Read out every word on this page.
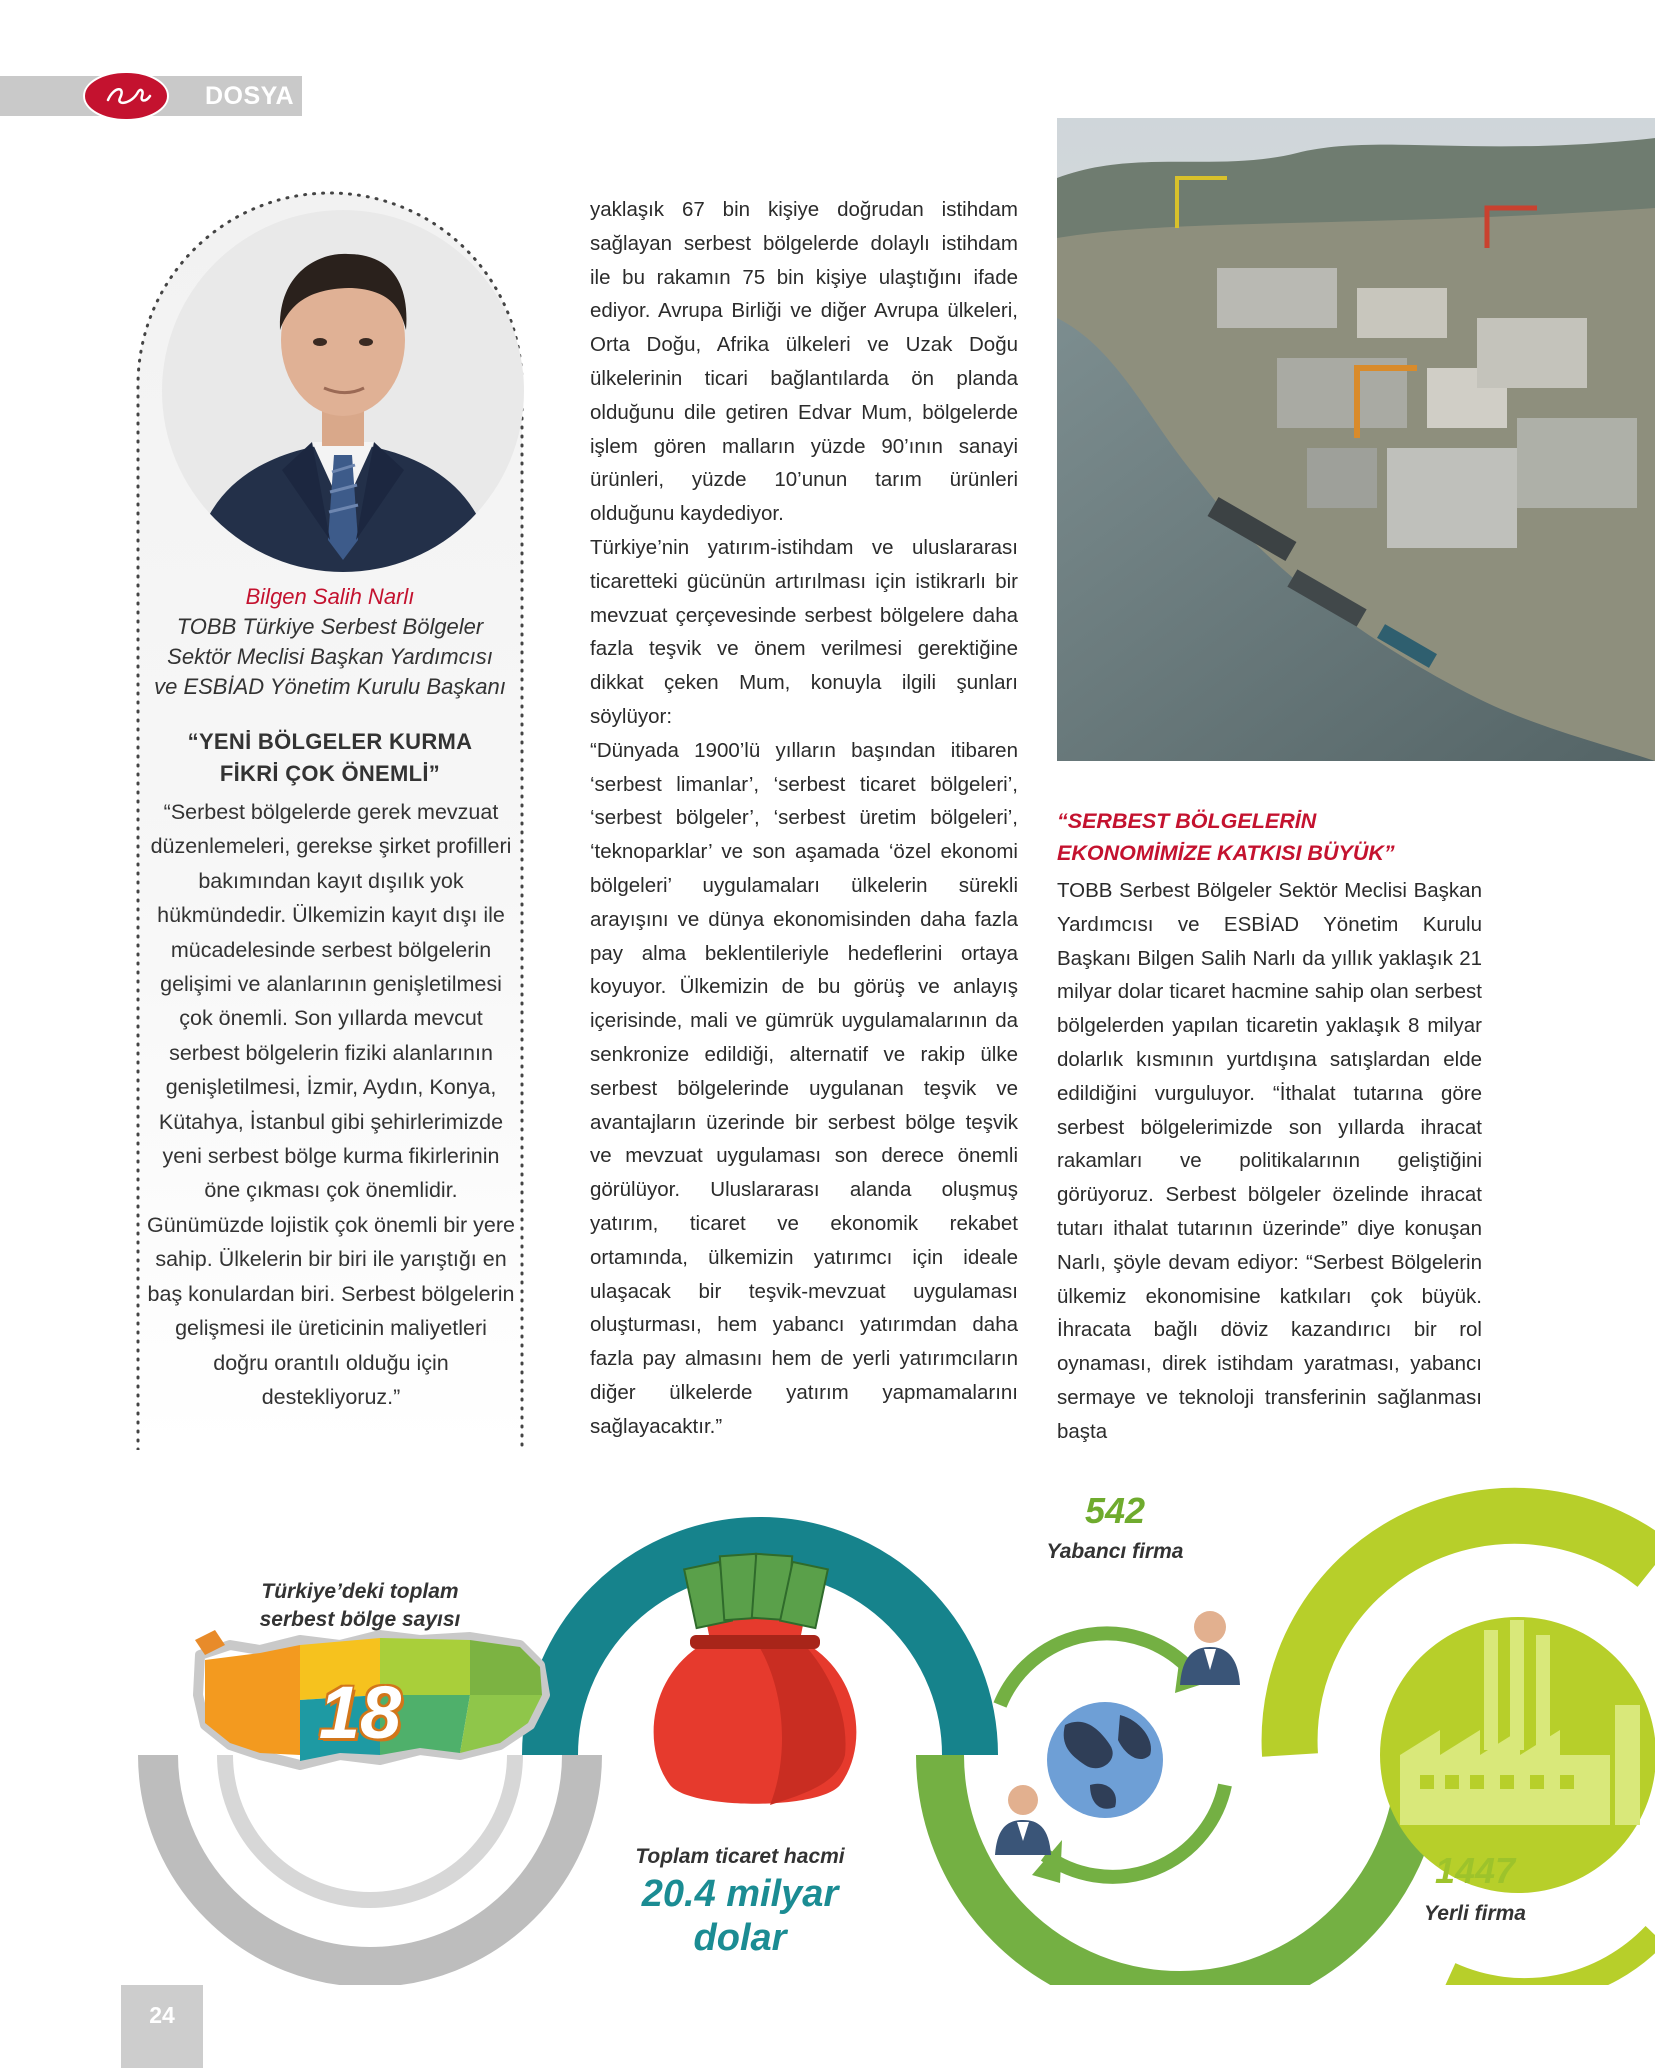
DOSYA
Bilgen Salih Narlı
TOBB Türkiye Serbest Bölgeler
Sektör Meclisi Başkan Yardımcısı
ve ESBİAD Yönetim Kurulu Başkanı
“YENİ BÖLGELER KURMA
FİKRİ ÇOK ÖNEMLİ”
“Serbest bölgelerde gerek mevzuat düzenlemeleri, gerekse şirket profilleri bakımından kayıt dışılık yok hükmündedir. Ülkemizin kayıt dışı ile mücadelesinde serbest bölgelerin gelişimi ve alanlarının genişletilmesi çok önemli. Son yıllarda mevcut serbest bölgelerin fiziki alanlarının genişletilmesi, İzmir, Aydın, Konya, Kütahya, İstanbul gibi şehirlerimizde yeni serbest bölge kurma fikirlerinin öne çıkması çok önemlidir. Günümüzde lojistik çok önemli bir yere sahip. Ülkelerin bir biri ile yarıştığı en baş konulardan biri. Serbest bölgelerin gelişmesi ile üreticinin maliyetleri doğru orantılı olduğu için destekliyoruz.”

yaklaşık 67 bin kişiye doğrudan istihdam sağlayan serbest bölgelerde dolaylı istihdam ile bu rakamın 75 bin kişiye ulaştığını ifade ediyor. Avrupa Birliği ve diğer Avrupa ülkeleri, Orta Doğu, Afrika ülkeleri ve Uzak Doğu ülkelerinin ticari bağlantılarda ön planda olduğunu dile getiren Edvar Mum, bölgelerde işlem gören malların yüzde 90’ının sanayi ürünleri, yüzde 10’unun tarım ürünleri olduğunu kaydediyor.

Türkiye’nin yatırım-istihdam ve uluslararası ticaretteki gücünün artırılması için istikrarlı bir mevzuat çerçevesinde serbest bölgelere daha fazla teşvik ve önem verilmesi gerektiğine dikkat çeken Mum, konuyla ilgili şunları söylüyor:

“Dünyada 1900’lü yılların başından itibaren ‘serbest limanlar’, ‘serbest ticaret bölgeleri’, ‘serbest bölgeler’, ‘serbest üretim bölgeleri’, ‘teknoparklar’ ve son aşamada ‘özel ekonomi bölgeleri’ uygulamaları ülkelerin sürekli arayışını ve dünya ekonomisinden daha fazla pay alma beklentileriyle hedeflerini ortaya koyuyor. Ülkemizin de bu görüş ve anlayış içerisinde, mali ve gümrük uygulamalarının da senkronize edildiği, alternatif ve rakip ülke serbest bölgelerinde uygulanan teşvik ve avantajların üzerinde bir serbest bölge teşvik ve mevzuat uygulaması son derece önemli görülüyor. Uluslararası alanda oluşmuş yatırım, ticaret ve ekonomik rekabet ortamında, ülkemizin yatırımcı için ideale ulaşacak bir teşvik-mevzuat uygulaması oluşturması, hem yabancı yatırımdan daha fazla pay almasını hem de yerli yatırımcıların diğer ülkelerde yatırım yapmamalarını sağlayacaktır.”

“SERBEST BÖLGELERİN
EKONOMİMİZE KATKISI BÜYÜK”

TOBB Serbest Bölgeler Sektör Meclisi Başkan Yardımcısı ve ESBİAD Yönetim Kurulu Başkanı Bilgen Salih Narlı da yıllık yaklaşık 21 milyar dolar ticaret hacmine sahip olan serbest bölgelerden yapılan ticaretin yaklaşık 8 milyar dolarlık kısmının yurtdışına satışlardan elde edildiğini vurguluyor. “İthalat tutarına göre serbest bölgelerimizde son yıllarda ihracat rakamları ve politikalarının geliştiğini görüyoruz. Serbest bölgeler özelinde ihracat tutarı ithalat tutarının üzerinde” diye konuşan Narlı, şöyle devam ediyor: “Serbest Bölgelerin ülkemiz ekonomisine katkıları çok büyük. İhracata bağlı döviz kazandırıcı bir rol oynaması, direk istihdam yaratması, yabancı sermaye ve teknoloji transferinin sağlanması başta

Türkiye’deki toplam
serbest bölge sayısı
18
Toplam ticaret hacmi
20.4 milyar
dolar
542
Yabancı firma
1447
Yerli firma
24
